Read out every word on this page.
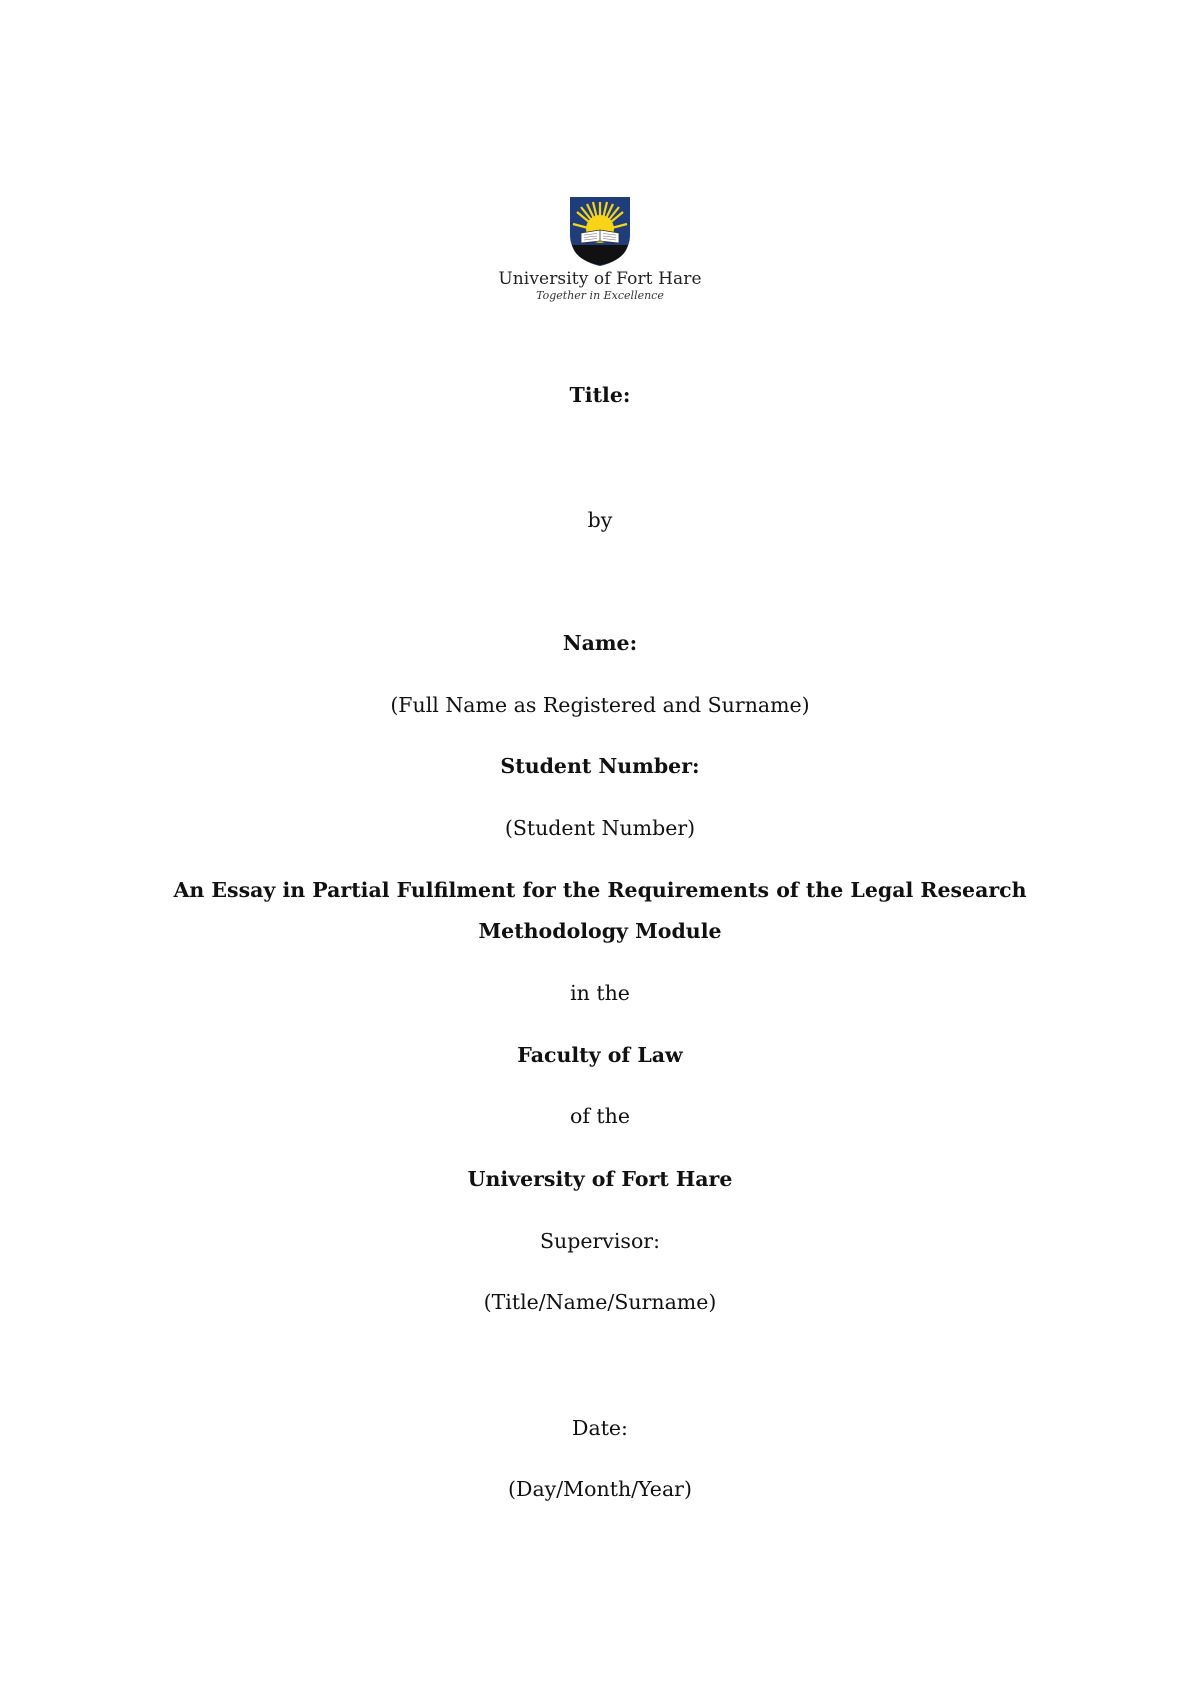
University of Fort Hare
Together in Excellence
Title:
by
Name:
(Full Name as Registered and Surname)
Student Number:
(Student Number)
An Essay in Partial Fulfilment for the Requirements of the Legal Research
Methodology Module
in the
Faculty of Law
of the
University of Fort Hare
Supervisor:
(Title/Name/Surname)
Date:
(Day/Month/Year)
